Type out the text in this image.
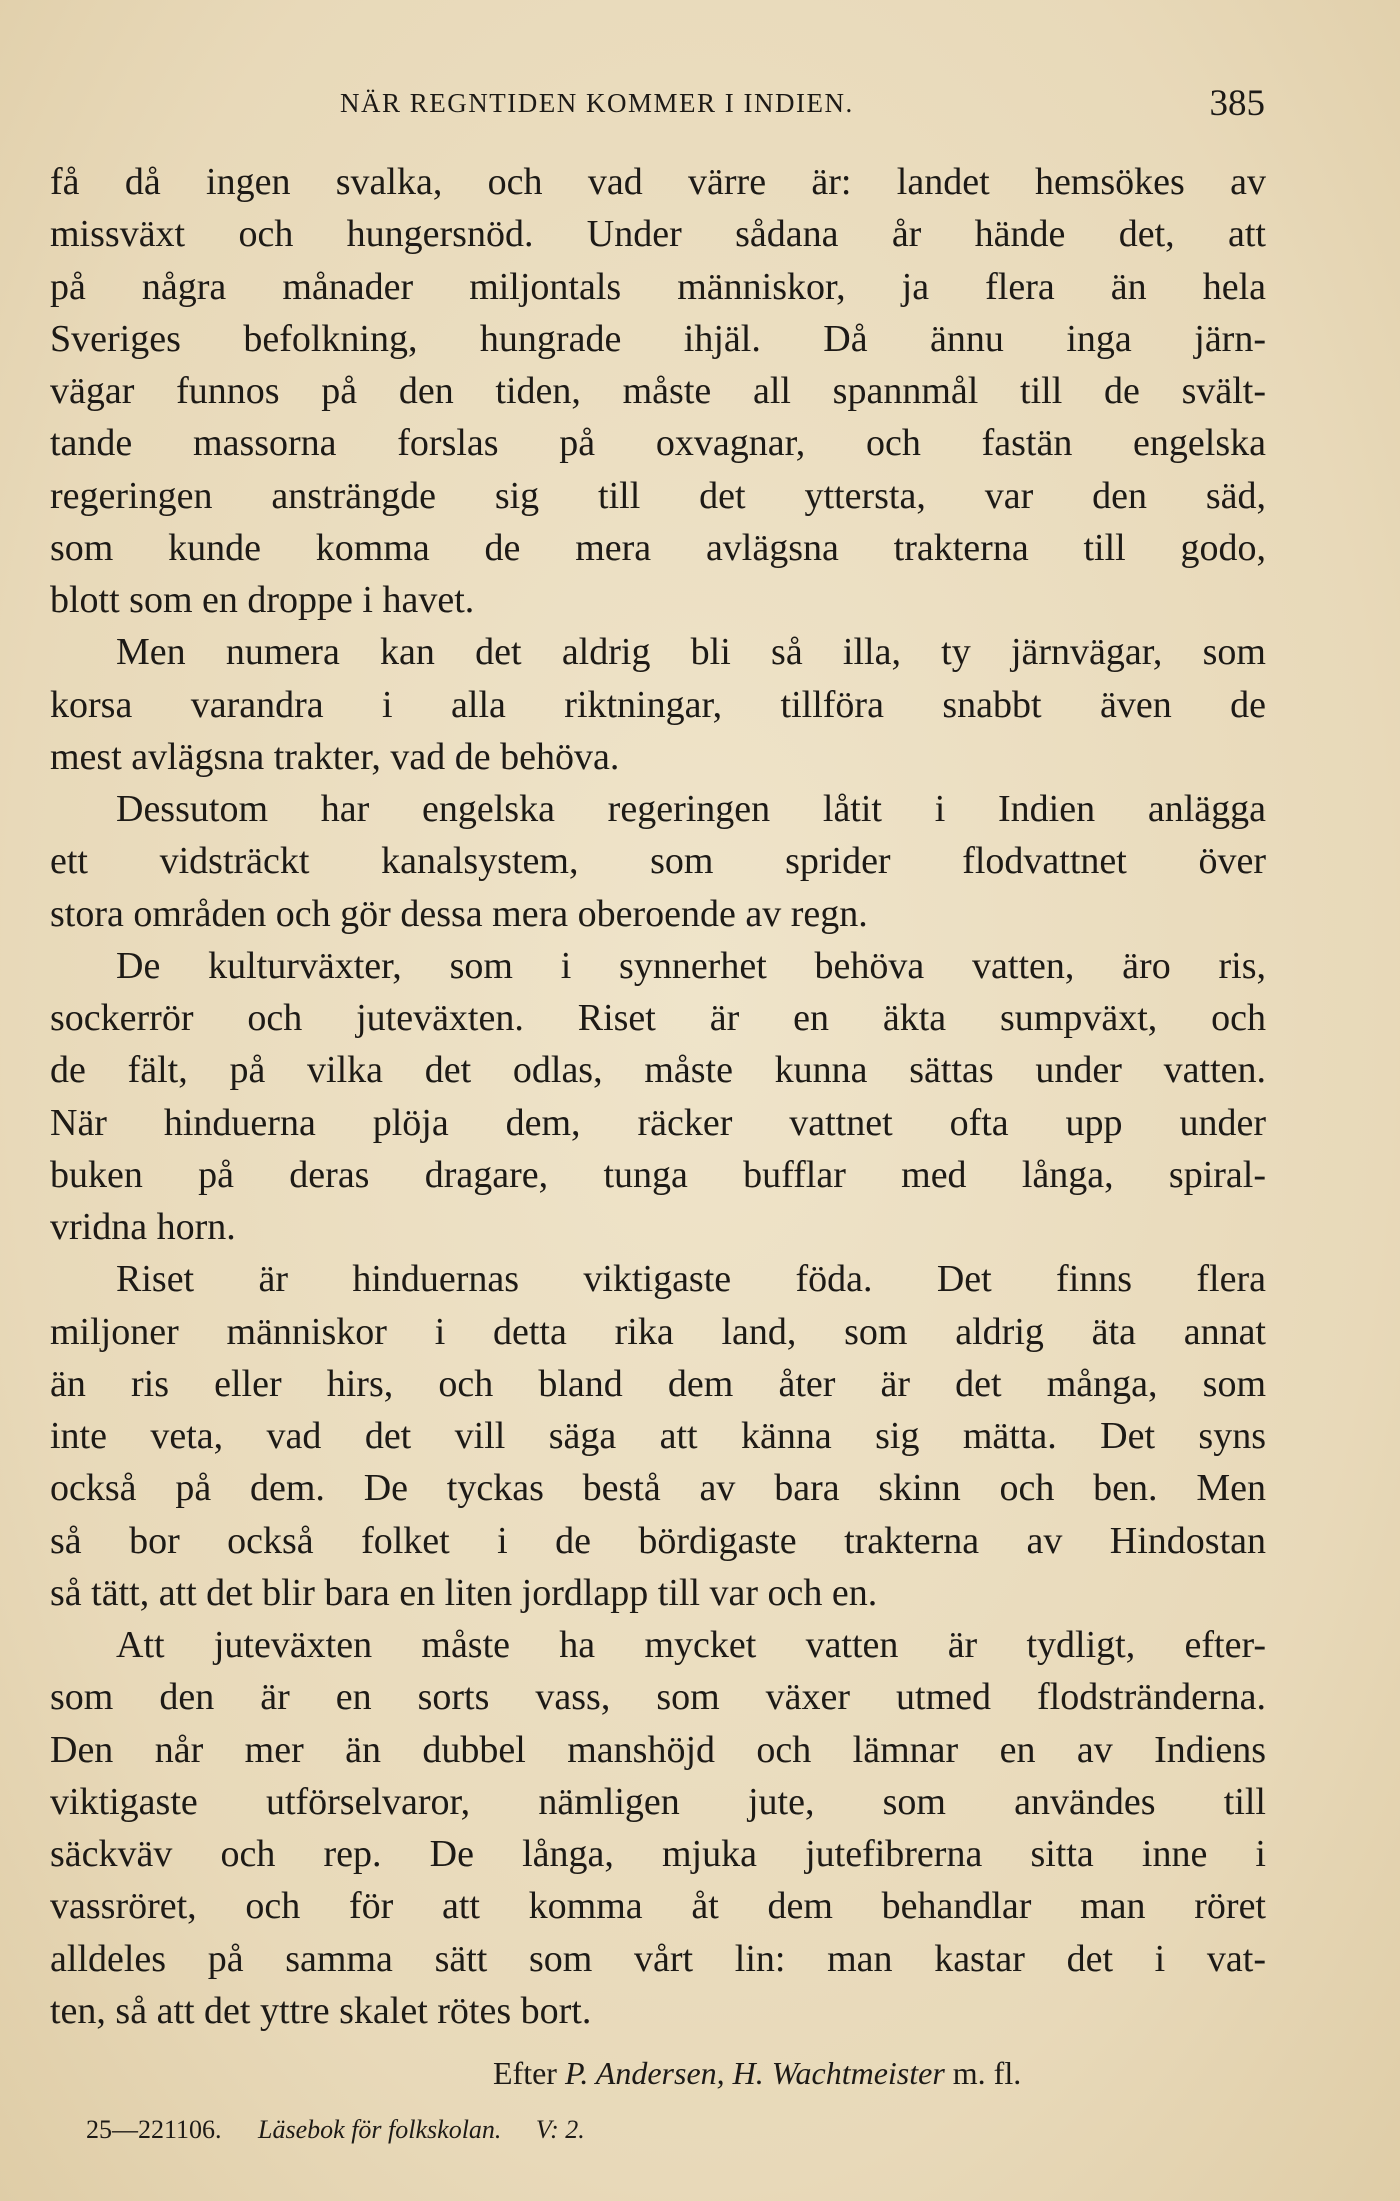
NÄR REGNTIDEN KOMMER I INDIEN.	385
få då ingen svalka, och vad värre är: landet hemsökes av
missväxt och hungersnöd. Under sådana år hände det, att
på några månader miljontals människor, ja flera än hela
Sveriges befolkning, hungrade ihjäl. Då ännu inga järn-
vägar funnos på den tiden, måste all spannmål till de svält-
tande massorna forslas på oxvagnar, och fastän engelska
regeringen ansträngde sig till det yttersta, var den säd,
som kunde komma de mera avlägsna trakterna till godo,
blott som en droppe i havet.
Men numera kan det aldrig bli så illa, ty järnvägar, som
korsa varandra i alla riktningar, tillföra snabbt även de
mest avlägsna trakter, vad de behöva.
Dessutom har engelska regeringen låtit i Indien anlägga
ett vidsträckt kanalsystem, som sprider flodvattnet över
stora områden och gör dessa mera oberoende av regn.
De kulturväxter, som i synnerhet behöva vatten, äro ris,
sockerrör och juteväxten. Riset är en äkta sumpväxt, och
de fält, på vilka det odlas, måste kunna sättas under vatten.
När hinduerna plöja dem, räcker vattnet ofta upp under
buken på deras dragare, tunga bufflar med långa, spiral-
vridna horn.
Riset är hinduernas viktigaste föda. Det finns flera
miljoner människor i detta rika land, som aldrig äta annat
än ris eller hirs, och bland dem åter är det många, som
inte veta, vad det vill säga att känna sig mätta. Det syns
också på dem. De tyckas bestå av bara skinn och ben. Men
så bor också folket i de bördigaste trakterna av Hindostan
så tätt, att det blir bara en liten jordlapp till var och en.
Att juteväxten måste ha mycket vatten är tydligt, efter-
som den är en sorts vass, som växer utmed flodstränderna.
Den når mer än dubbel manshöjd och lämnar en av Indiens
viktigaste utförselvaror, nämligen jute, som användes till
säckväv och rep. De långa, mjuka jutefibrerna sitta inne i
vassröret, och för att komma åt dem behandlar man röret
alldeles på samma sätt som vårt lin: man kastar det i vat-
ten, så att det yttre skalet rötes bort.
Efter P. Andersen, H. Wachtmeister m. fl.
25—221106. Läsebok för folkskolan. V: 2.
